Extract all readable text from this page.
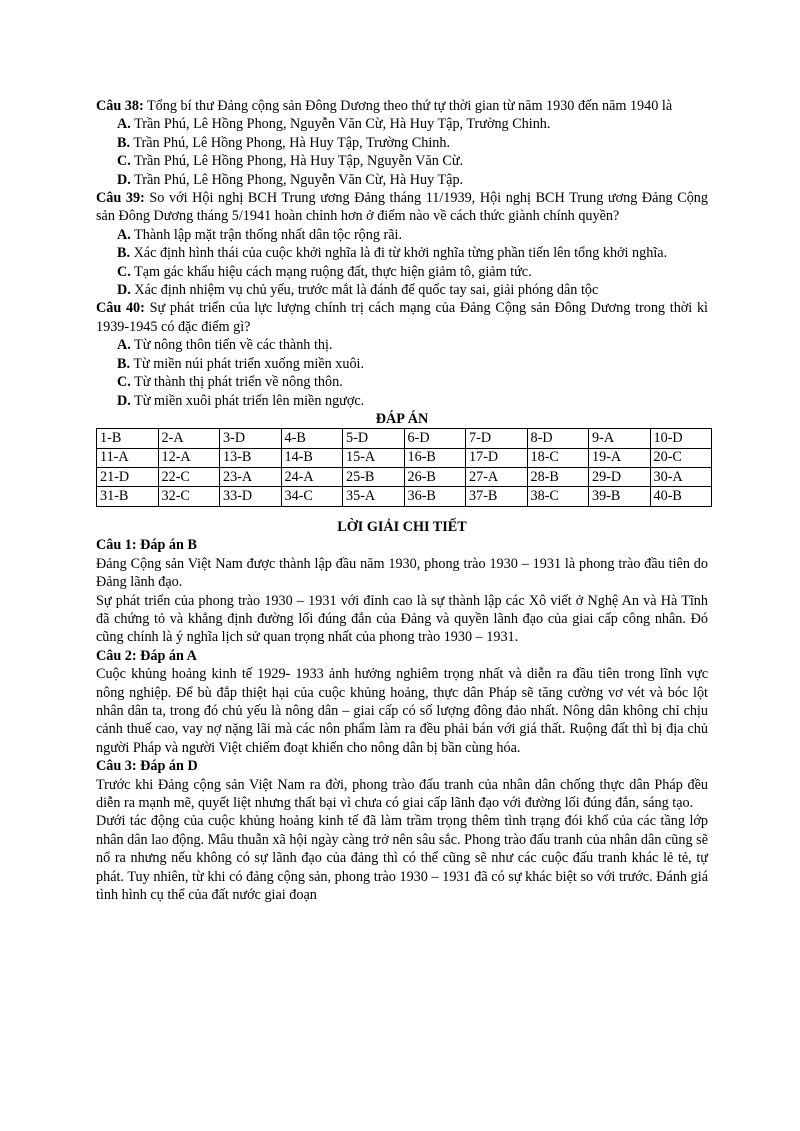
Câu 38: Tổng bí thư Đảng cộng sản Đông Dương theo thứ tự thời gian từ năm 1930 đến năm 1940 là
A. Trần Phú, Lê Hồng Phong, Nguyễn Văn Cừ, Hà Huy Tập, Trường Chinh.
B. Trần Phú, Lê Hồng Phong, Hà Huy Tập, Trường Chinh.
C. Trần Phú, Lê Hồng Phong, Hà Huy Tập, Nguyễn Văn Cừ.
D. Trần Phú, Lê Hồng Phong, Nguyễn Văn Cừ, Hà Huy Tập.
Câu 39: So với Hội nghị BCH Trung ương Đảng tháng 11/1939, Hội nghị BCH Trung ương Đảng Cộng sản Đông Dương tháng 5/1941 hoàn chỉnh hơn ở điểm nào về cách thức giành chính quyền?
A. Thành lập mặt trận thống nhất dân tộc rộng rãi.
B. Xác định hình thái của cuộc khởi nghĩa là đi từ khởi nghĩa từng phần tiến lên tổng khởi nghĩa.
C. Tạm gác khẩu hiệu cách mạng ruộng đất, thực hiện giảm tô, giảm tức.
D. Xác định nhiệm vụ chủ yếu, trước mắt là đánh đế quốc tay sai, giải phóng dân tộc
Câu 40: Sự phát triển của lực lượng chính trị cách mạng của Đảng Cộng sản Đông Dương trong thời kì 1939-1945 có đặc điểm gì?
A. Từ nông thôn tiến về các thành thị.
B. Từ miền núi phát triển xuống miền xuôi.
C. Từ thành thị phát triển về nông thôn.
D. Từ miền xuôi phát triển lên miền ngược.
ĐÁP ÁN
1-B	2-A	3-D	4-B	5-D	6-D	7-D	8-D	9-A	10-D
11-A	12-A	13-B	14-B	15-A	16-B	17-D	18-C	19-A	20-C
21-D	22-C	23-A	24-A	25-B	26-B	27-A	28-B	29-D	30-A
31-B	32-C	33-D	34-C	35-A	36-B	37-B	38-C	39-B	40-B
LỜI GIẢI CHI TIẾT
Câu 1: Đáp án B
Đảng Cộng sản Việt Nam được thành lập đầu năm 1930, phong trào 1930 – 1931 là phong trào đầu tiên do Đảng lãnh đạo.
Sự phát triển của phong trào 1930 – 1931 với đỉnh cao là sự thành lập các Xô viết ở Nghệ An và Hà Tĩnh đã chứng tỏ và khẳng định đường lối đúng đắn của Đảng và quyền lãnh đạo của giai cấp công nhân. Đó cũng chính là ý nghĩa lịch sử quan trọng nhất của phong trào 1930 – 1931.
Câu 2: Đáp án A
Cuộc khủng hoảng kinh tế 1929- 1933 ảnh hưởng nghiêm trọng nhất và diễn ra đầu tiên trong lĩnh vực nông nghiệp. Để bù đắp thiệt hại của cuộc khủng hoảng, thực dân Pháp sẽ tăng cường vơ vét và bóc lột nhân dân ta, trong đó chủ yếu là nông dân – giai cấp có số lượng đông đảo nhất. Nông dân không chỉ chịu cảnh thuế cao, vay nợ nặng lãi mà các nôn phẩm làm ra đều phải bán với giá thất. Ruộng đất thì bị địa chủ người Pháp và người Việt chiếm đoạt khiến cho nông dân bị bần cùng hóa.
Câu 3: Đáp án D
Trước khi Đảng cộng sản Việt Nam ra đời, phong trào đấu tranh của nhân dân chống thực dân Pháp đều diễn ra mạnh mẽ, quyết liệt nhưng thất bại vì chưa có giai cấp lãnh đạo với đường lối đúng đắn, sáng tạo.
Dưới tác động của cuộc khủng hoảng kinh tế đã làm trầm trọng thêm tình trạng đói khổ của các tầng lớp nhân dân lao động. Mâu thuẫn xã hội ngày càng trở nên sâu sắc. Phong trào đấu tranh của nhân dân cũng sẽ nổ ra nhưng nếu không có sự lãnh đạo của đảng thì có thể cũng sẽ như các cuộc đấu tranh khác lẻ tẻ, tự phát. Tuy nhiên, từ khi có đảng cộng sản, phong trào 1930 – 1931 đã có sự khác biệt so với trước. Đánh giá tình hình cụ thể của đất nước giai đoạn
